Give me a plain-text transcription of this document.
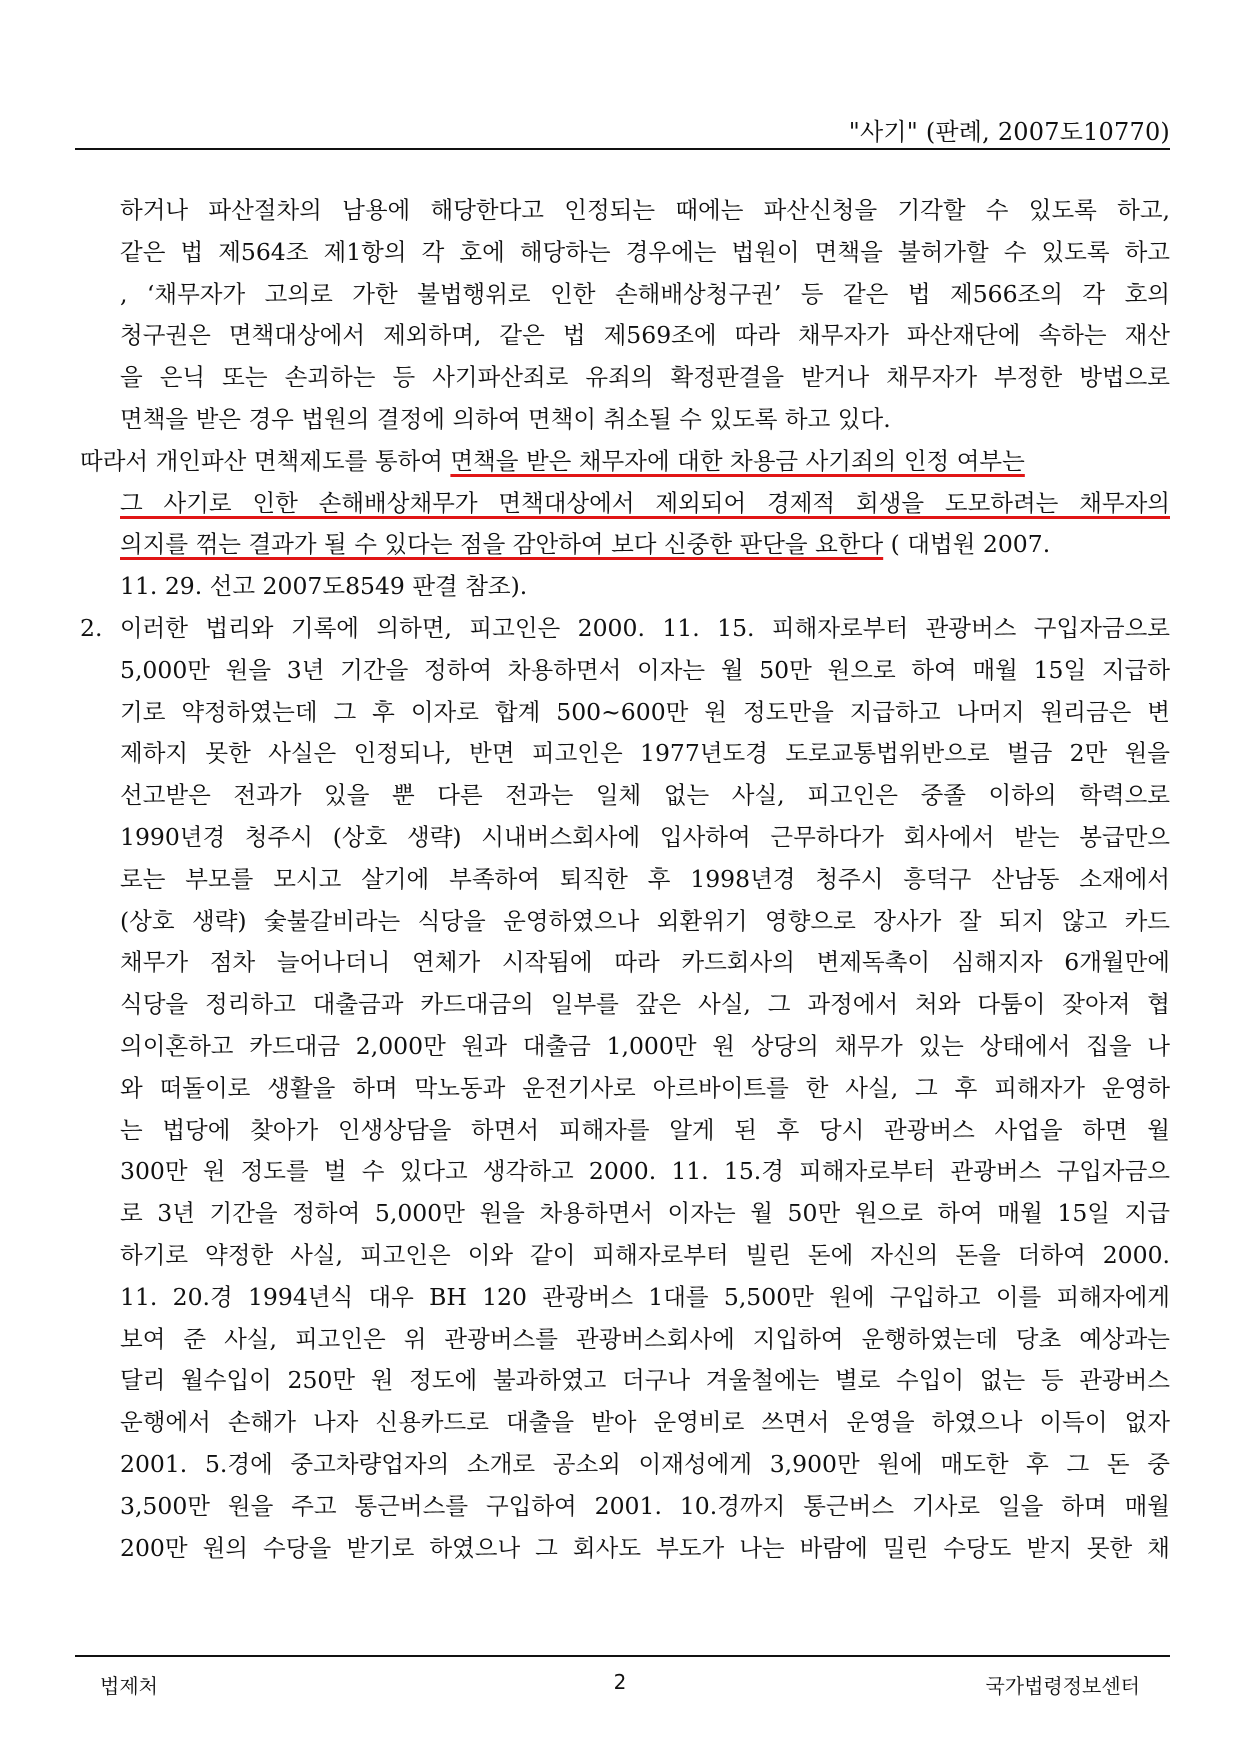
"사기" (판례, 2007도10770)
하거나 파산절차의 남용에 해당한다고 인정되는 때에는 파산신청을 기각할 수 있도록 하고,
같은 법 제564조 제1항의 각 호에 해당하는 경우에는 법원이 면책을 불허가할 수 있도록 하고
, ‘채무자가 고의로 가한 불법행위로 인한 손해배상청구권’ 등 같은 법 제566조의 각 호의
청구권은 면책대상에서 제외하며, 같은 법 제569조에 따라 채무자가 파산재단에 속하는 재산
을 은닉 또는 손괴하는 등 사기파산죄로 유죄의 확정판결을 받거나 채무자가 부정한 방법으로
면책을 받은 경우 법원의 결정에 의하여 면책이 취소될 수 있도록 하고 있다.
따라서 개인파산 면책제도를 통하여 면책을 받은 채무자에 대한 차용금 사기죄의 인정 여부는
그 사기로 인한 손해배상채무가 면책대상에서 제외되어 경제적 회생을 도모하려는 채무자의
의지를 꺾는 결과가 될 수 있다는 점을 감안하여 보다 신중한 판단을 요한다 ( 대법원 2007.
11. 29. 선고 2007도8549 판결 참조).
2. 이러한 법리와 기록에 의하면, 피고인은 2000. 11. 15. 피해자로부터 관광버스 구입자금으로
5,000만 원을 3년 기간을 정하여 차용하면서 이자는 월 50만 원으로 하여 매월 15일 지급하
기로 약정하였는데 그 후 이자로 합계 500~600만 원 정도만을 지급하고 나머지 원리금은 변
제하지 못한 사실은 인정되나, 반면 피고인은 1977년도경 도로교통법위반으로 벌금 2만 원을
선고받은 전과가 있을 뿐 다른 전과는 일체 없는 사실, 피고인은 중졸 이하의 학력으로
1990년경 청주시 (상호 생략) 시내버스회사에 입사하여 근무하다가 회사에서 받는 봉급만으
로는 부모를 모시고 살기에 부족하여 퇴직한 후 1998년경 청주시 흥덕구 산남동 소재에서
(상호 생략) 숯불갈비라는 식당을 운영하였으나 외환위기 영향으로 장사가 잘 되지 않고 카드
채무가 점차 늘어나더니 연체가 시작됨에 따라 카드회사의 변제독촉이 심해지자 6개월만에
식당을 정리하고 대출금과 카드대금의 일부를 갚은 사실, 그 과정에서 처와 다툼이 잦아져 협
의이혼하고 카드대금 2,000만 원과 대출금 1,000만 원 상당의 채무가 있는 상태에서 집을 나
와 떠돌이로 생활을 하며 막노동과 운전기사로 아르바이트를 한 사실, 그 후 피해자가 운영하
는 법당에 찾아가 인생상담을 하면서 피해자를 알게 된 후 당시 관광버스 사업을 하면 월
300만 원 정도를 벌 수 있다고 생각하고 2000. 11. 15.경 피해자로부터 관광버스 구입자금으
로 3년 기간을 정하여 5,000만 원을 차용하면서 이자는 월 50만 원으로 하여 매월 15일 지급
하기로 약정한 사실, 피고인은 이와 같이 피해자로부터 빌린 돈에 자신의 돈을 더하여 2000.
11. 20.경 1994년식 대우 BH 120 관광버스 1대를 5,500만 원에 구입하고 이를 피해자에게
보여 준 사실, 피고인은 위 관광버스를 관광버스회사에 지입하여 운행하였는데 당초 예상과는
달리 월수입이 250만 원 정도에 불과하였고 더구나 겨울철에는 별로 수입이 없는 등 관광버스
운행에서 손해가 나자 신용카드로 대출을 받아 운영비로 쓰면서 운영을 하였으나 이득이 없자
2001. 5.경에 중고차량업자의 소개로 공소외 이재성에게 3,900만 원에 매도한 후 그 돈 중
3,500만 원을 주고 통근버스를 구입하여 2001. 10.경까지 통근버스 기사로 일을 하며 매월
200만 원의 수당을 받기로 하였으나 그 회사도 부도가 나는 바람에 밀린 수당도 받지 못한 채
법제처	2	국가법령정보센터
